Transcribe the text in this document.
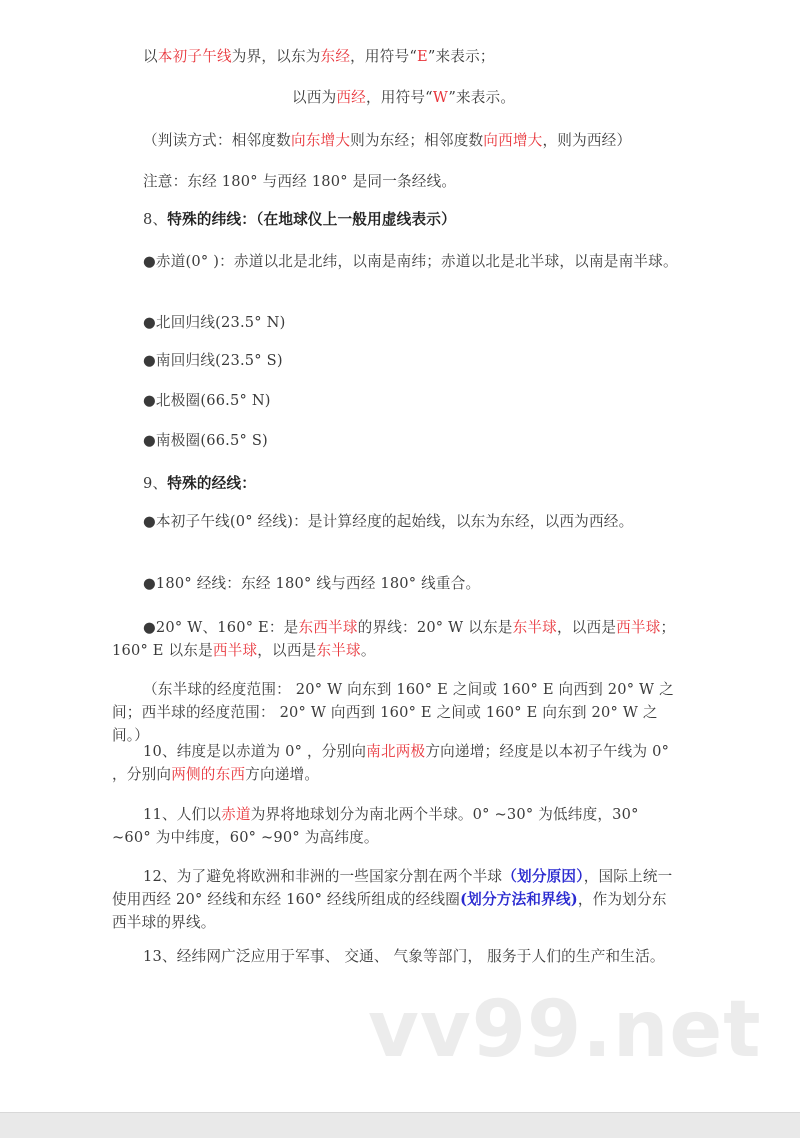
以本初子午线为界，以东为东经，用符号“E”来表示；
以西为西经，用符号“W”来表示。
（判读方式：相邻度数向东增大则为东经；相邻度数向西增大，则为西经）
注意：东经 180° 与西经 180° 是同一条经线。
8、特殊的纬线：（在地球仪上一般用虚线表示）
●赤道(0° )：赤道以北是北纬，以南是南纬；赤道以北是北半球，以南是南半球。
●北回归线(23.5° N)
●南回归线(23.5° S)
●北极圈(66.5° N)
●南极圈(66.5° S)
9、特殊的经线：
●本初子午线(0° 经线)：是计算经度的起始线，以东为东经，以西为西经。
●180° 经线：东经 180° 线与西经 180° 线重合。
●20° W、160° E：是东西半球的界线：20° W 以东是东半球，以西是西半球；160° E 以东是西半球，以西是东半球。
（东半球的经度范围： 20° W 向东到 160° E 之间或 160° E 向西到 20° W 之间；西半球的经度范围： 20° W 向西到 160° E 之间或 160° E 向东到 20° W 之间。）
10、纬度是以赤道为 0° ，分别向南北两极方向递增；经度是以本初子午线为 0° ，分别向两侧的东西方向递增。
11、人们以赤道为界将地球划分为南北两个半球。0° ~30° 为低纬度，30° ~60° 为中纬度，60° ~90° 为高纬度。
12、为了避免将欧洲和非洲的一些国家分割在两个半球（划分原因），国际上统一使用西经 20° 经线和东经 160° 经线所组成的经线圈(划分方法和界线)，作为划分东西半球的界线。
13、经纬网广泛应用于军事、 交通、 气象等部门， 服务于人们的生产和生活。
vv99.net
